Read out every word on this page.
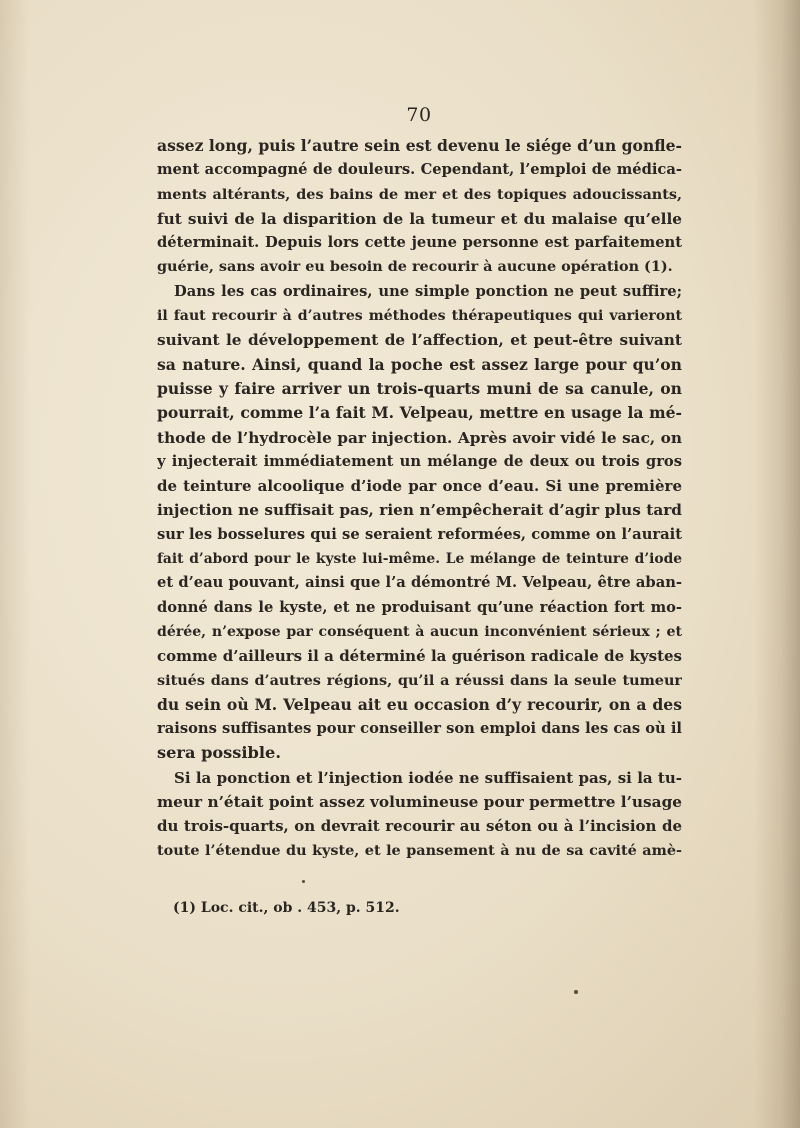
70
assez long, puis l’autre sein est devenu le siége d’un gonfle-
ment accompagné de douleurs. Cependant, l’emploi de médica-
ments altérants, des bains de mer et des topiques adoucissants,
fut suivi de la disparition de la tumeur et du malaise qu’elle
déterminait. Depuis lors cette jeune personne est parfaitement
guérie, sans avoir eu besoin de recourir à aucune opération (1).
Dans les cas ordinaires, une simple ponction ne peut suffire;
il faut recourir à d’autres méthodes thérapeutiques qui varieront
suivant le développement de l’affection, et peut-être suivant
sa nature. Ainsi, quand la poche est assez large pour qu’on
puisse y faire arriver un trois-quarts muni de sa canule, on
pourrait, comme l’a fait M. Velpeau, mettre en usage la mé-
thode de l’hydrocèle par injection. Après avoir vidé le sac, on
y injecterait immédiatement un mélange de deux ou trois gros
de teinture alcoolique d’iode par once d’eau. Si une première
injection ne suffisait pas, rien n’empêcherait d’agir plus tard
sur les bosselures qui se seraient reformées, comme on l’aurait
fait d’abord pour le kyste lui-même. Le mélange de teinture d’iode
et d’eau pouvant, ainsi que l’a démontré M. Velpeau, être aban-
donné dans le kyste, et ne produisant qu’une réaction fort mo-
dérée, n’expose par conséquent à aucun inconvénient sérieux ; et
comme d’ailleurs il a déterminé la guérison radicale de kystes
situés dans d’autres régions, qu’il a réussi dans la seule tumeur
du sein où M. Velpeau ait eu occasion d’y recourir, on a des
raisons suffisantes pour conseiller son emploi dans les cas où il
sera possible.
Si la ponction et l’injection iodée ne suffisaient pas, si la tu-
meur n’était point assez volumineuse pour permettre l’usage
du trois-quarts, on devrait recourir au séton ou à l’incision de
toute l’étendue du kyste, et le pansement à nu de sa cavité amè-
(1) Loc. cit., ob . 453, p. 512.
